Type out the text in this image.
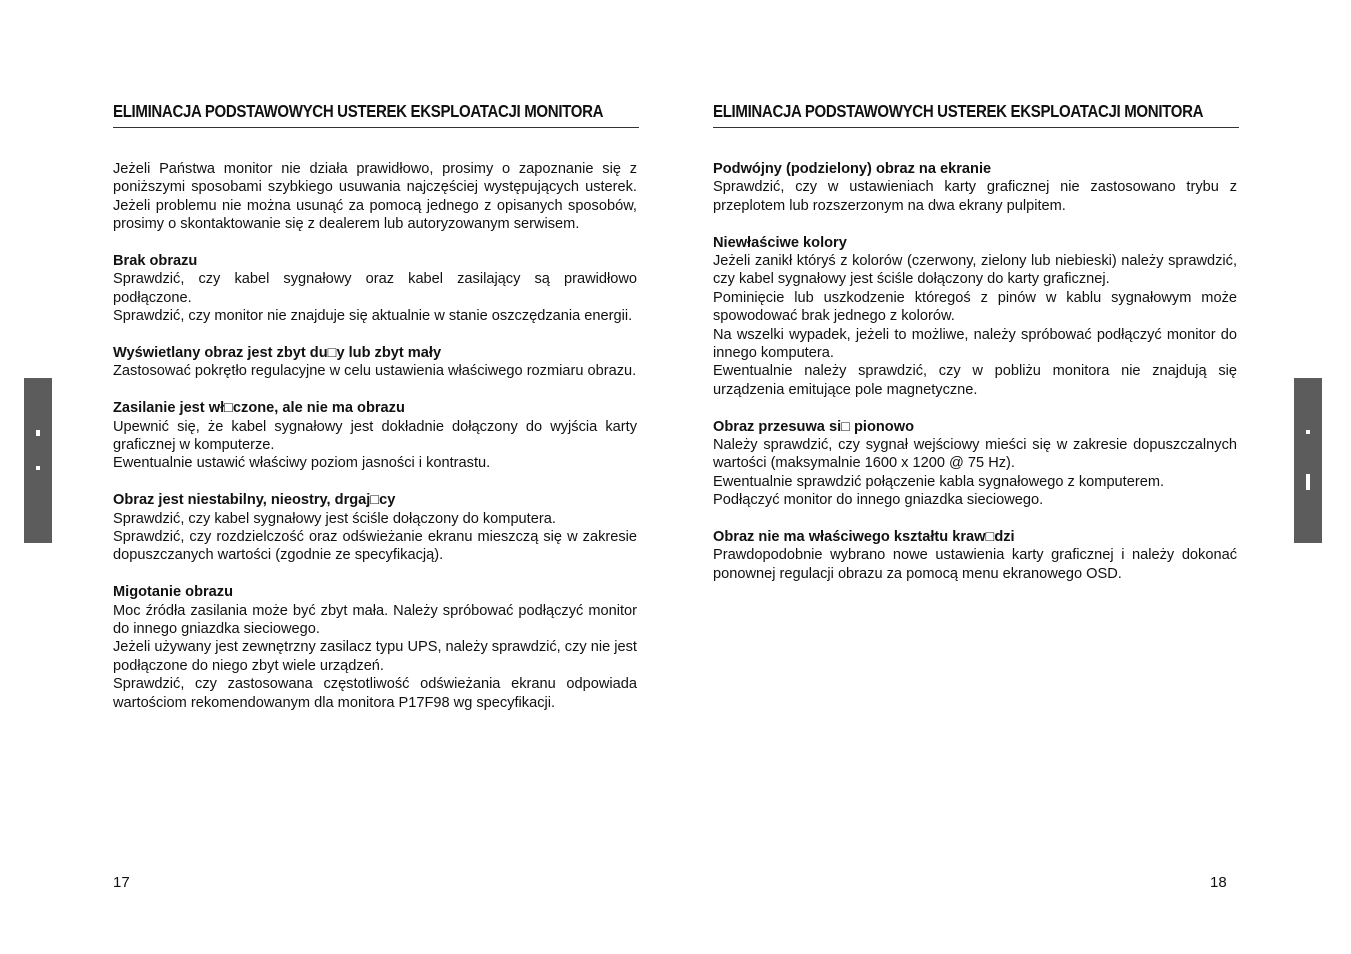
ELIMINACJA PODSTAWOWYCH USTEREK EKSPLOATACJI MONITORA
Jeżeli Państwa monitor nie działa prawidłowo, prosimy o zapoznanie się z poniższymi sposobami szybkiego usuwania najczęściej występujących usterek. Jeżeli problemu nie można usunąć za pomocą jednego z opisanych sposobów, prosimy o skontaktowanie się z dealerem lub autoryzowanym serwisem.
Brak obrazu
Sprawdzić, czy kabel sygnałowy oraz kabel zasilający są prawidłowo podłączone.
Sprawdzić, czy monitor nie znajduje się aktualnie w stanie oszczędzania energii.
Wyświetlany obraz jest zbyt du□y lub zbyt mały
Zastosować pokrętło regulacyjne w celu ustawienia właściwego rozmiaru obrazu.
Zasilanie jest wł□czone, ale nie ma obrazu
Upewnić się, że kabel sygnałowy jest dokładnie dołączony do wyjścia karty graficznej w komputerze.
Ewentualnie ustawić właściwy poziom jasności i kontrastu.
Obraz jest niestabilny, nieostry, drgaj□cy
Sprawdzić, czy kabel sygnałowy jest ściśle dołączony do komputera.
Sprawdzić, czy rozdzielczość oraz odświeżanie ekranu mieszczą się w zakresie dopuszczanych wartości (zgodnie ze specyfikacją).
Migotanie obrazu
Moc źródła zasilania może być zbyt mała. Należy spróbować podłączyć monitor do innego gniazdka sieciowego.
Jeżeli używany jest zewnętrzny zasilacz typu UPS, należy sprawdzić, czy nie jest podłączone do niego zbyt wiele urządzeń.
Sprawdzić, czy zastosowana częstotliwość odświeżania ekranu odpowiada wartościom rekomendowanym dla monitora P17F98 wg specyfikacji.
ELIMINACJA PODSTAWOWYCH USTEREK EKSPLOATACJI MONITORA
Podwójny (podzielony) obraz na ekranie
Sprawdzić, czy w ustawieniach karty graficznej nie zastosowano trybu z przeplotem lub rozszerzonym na dwa ekrany pulpitem.
Niewłaściwe kolory
Jeżeli zanikł któryś z kolorów (czerwony, zielony lub niebieski) należy sprawdzić, czy kabel sygnałowy jest ściśle dołączony do karty graficznej.
Pominięcie lub uszkodzenie któregoś z pinów w kablu sygnałowym może spowodować brak jednego z kolorów.
Na wszelki wypadek, jeżeli to możliwe, należy spróbować podłączyć monitor do innego komputera.
Ewentualnie należy sprawdzić, czy w pobliżu monitora nie znajdują się urządzenia emitujące pole magnetyczne.
Obraz przesuwa si□ pionowo
Należy sprawdzić, czy sygnał wejściowy mieści się w zakresie dopuszczalnych wartości (maksymalnie 1600 x 1200 @ 75 Hz).
Ewentualnie sprawdzić połączenie kabla sygnałowego z komputerem.
Podłączyć monitor do innego gniazdka sieciowego.
Obraz nie ma właściwego kształtu kraw□dzi
Prawdopodobnie wybrano nowe ustawienia karty graficznej i należy dokonać ponownej regulacji obrazu za pomocą menu ekranowego OSD.
17	18
